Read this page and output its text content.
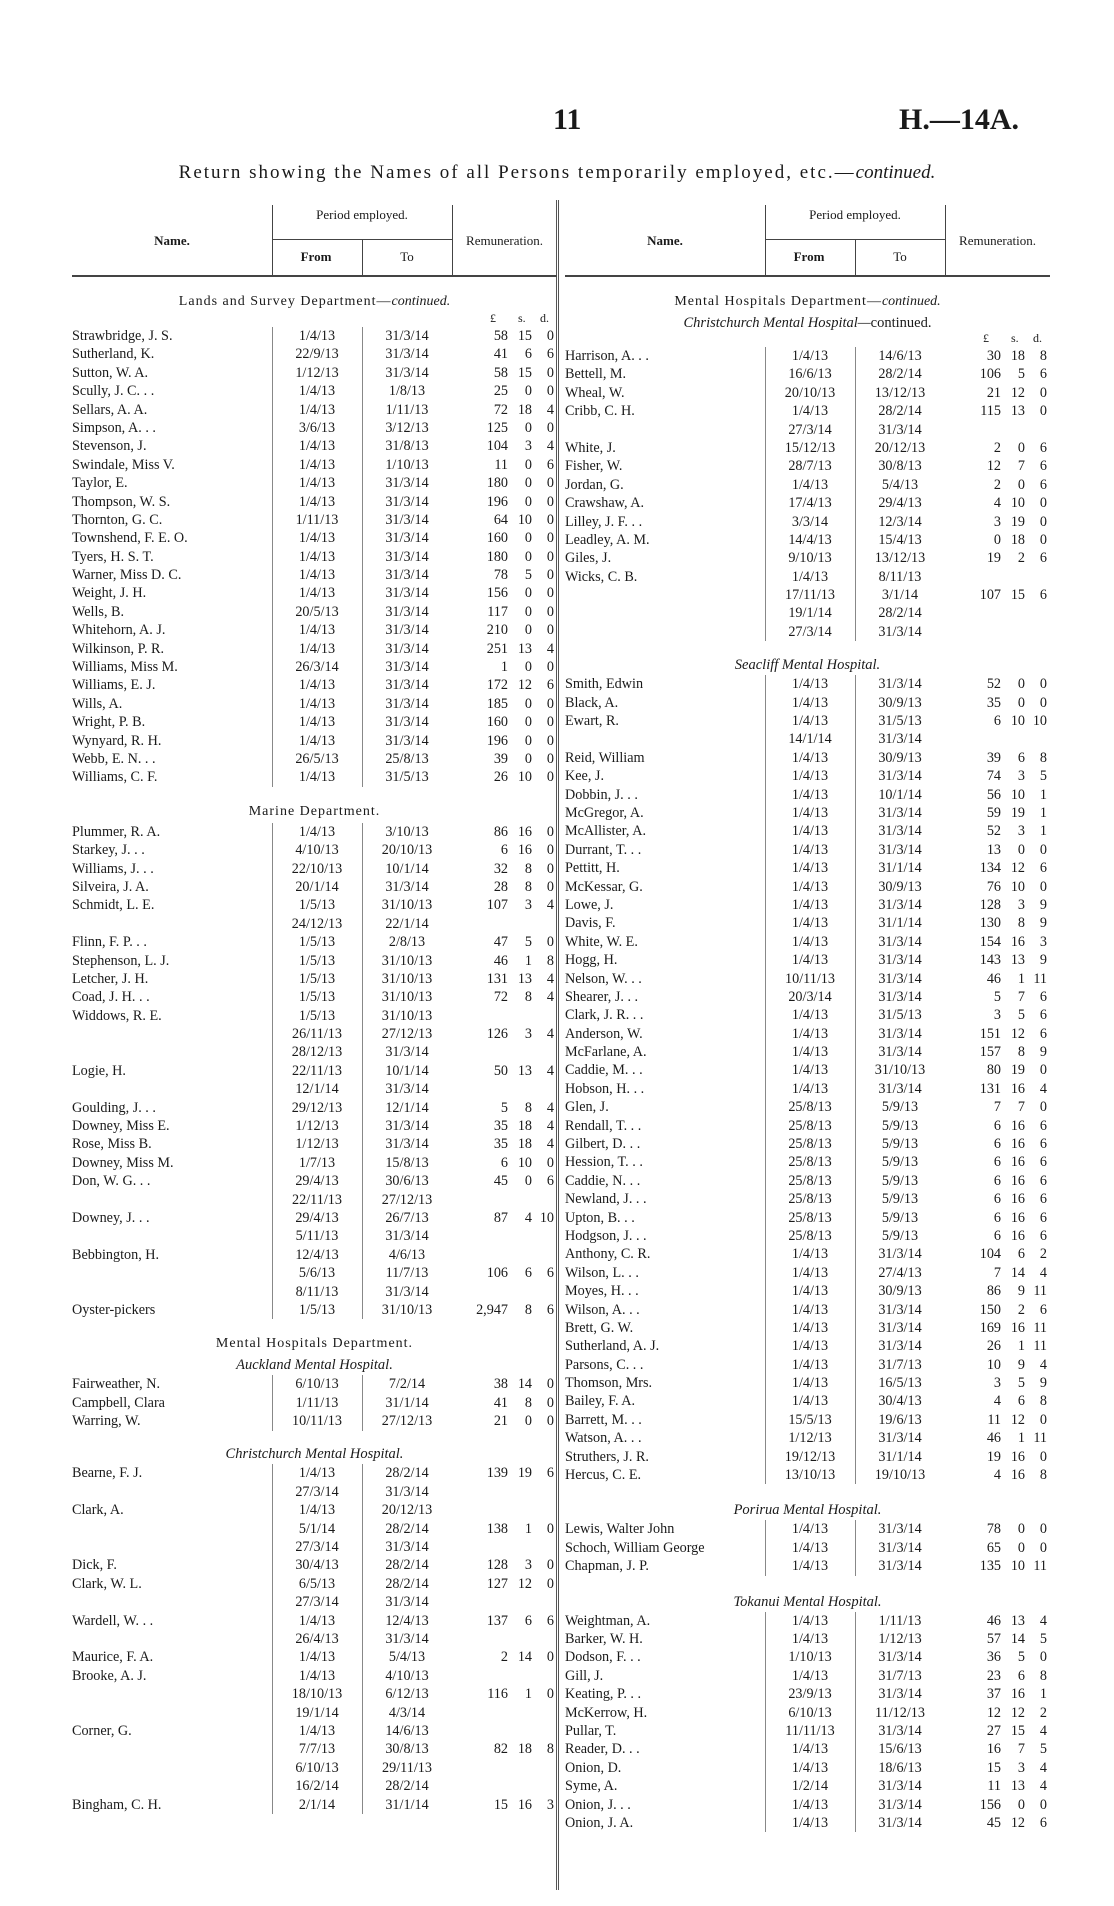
11	H.—14A.
Return showing the Names of all Persons temporarily employed, etc.—continued.
Name.
Period employed.
From	To
Remuneration.
Lands and Survey Department—continued.
£ s. d.
Strawbridge, J. S.	1/4/13	31/3/14	58 15	0
Sutherland, K.	22/9/13	31/3/14	41	6	6
Sutton, W. A.	1/12/13	31/3/14	58 15	0
Scully, J. C. . .	1/4/13	1/8/13	25	0	0
Sellars, A. A.	1/4/13	1/11/13	72 18	4
Simpson, A. . .	3/6/13	3/12/13	125	0	0
Stevenson, J.	1/4/13	31/8/13	104	3	4
Swindale, Miss V.	1/4/13	1/10/13	11	0	6
Taylor, E.	1/4/13	31/3/14	180	0	0
Thompson, W. S.	1/4/13	31/3/14	196	0	0
Thornton, G. C.	1/11/13	31/3/14	64 10	0
Townshend, F. E. O.	1/4/13	31/3/14	160	0	0
Tyers, H. S. T.	1/4/13	31/3/14	180	0	0
Warner, Miss D. C.	1/4/13	31/3/14	78	5	0
Weight, J. H.	1/4/13	31/3/14	156	0	0
Wells, B.	20/5/13	31/3/14	117	0	0
Whitehorn, A. J.	1/4/13	31/3/14	210	0	0
Wilkinson, P. R.	1/4/13	31/3/14	251 13	4
Williams, Miss M.	26/3/14	31/3/14	1	0	0
Williams, E. J.	1/4/13	31/3/14	172 12	6
Wills, A.	1/4/13	31/3/14	185	0	0
Wright, P. B.	1/4/13	31/3/14	160	0	0
Wynyard, R. H.	1/4/13	31/3/14	196	0	0
Webb, E. N. . .	26/5/13	25/8/13	39	0	0
Williams, C. F.	1/4/13	31/5/13	26 10	0
Marine Department.
Plummer, R. A.	1/4/13	3/10/13	86 16	0
Starkey, J. . .	4/10/13	20/10/13	6 16	0
Williams, J. . .	22/10/13	10/1/14	32	8	0
Silveira, J. A.	20/1/14	31/3/14	28	8	0
Schmidt, L. E.	1/5/13	31/10/13	107	3	4
24/12/13	22/1/14
Flinn, F. P. . .	1/5/13	2/8/13	47	5	0
Stephenson, L. J.	1/5/13	31/10/13	46	1	8
Letcher, J. H.	1/5/13	31/10/13	131 13	4
Coad, J. H. . .	1/5/13	31/10/13	72	8	4
Widdows, R. E.	1/5/13	31/10/13
26/11/13	27/12/13	126	3	4
28/12/13	31/3/14
Logie, H.	22/11/13	10/1/14	50 13	4
12/1/14	31/3/14
Goulding, J. . .	29/12/13	12/1/14	5	8	4
Downey, Miss E.	1/12/13	31/3/14	35 18	4
Rose, Miss B.	1/12/13	31/3/14	35 18	4
Downey, Miss M.	1/7/13	15/8/13	6 10	0
Don, W. G. . .	29/4/13	30/6/13	45	0	6
22/11/13	27/12/13
Downey, J. . .	29/4/13	26/7/13	87	4 10
5/11/13	31/3/14
Bebbington, H.	12/4/13	4/6/13
5/6/13	11/7/13	106	6	6
8/11/13	31/3/14
Oyster-pickers	1/5/13	31/10/13	2,947	8	6
Mental Hospitals Department.
Auckland Mental Hospital.
Fairweather, N.	6/10/13	7/2/14	38 14	0
Campbell, Clara	1/11/13	31/1/14	41	8	0
Warring, W.	10/11/13	27/12/13	21	0	0
Christchurch Mental Hospital.
Bearne, F. J.	1/4/13	28/2/14	139 19	6
27/3/14	31/3/14
Clark, A.	1/4/13	20/12/13
5/1/14	28/2/14	138	1	0
27/3/14	31/3/14
Dick, F.	30/4/13	28/2/14	128	3	0
Clark, W. L.	6/5/13	28/2/14	127 12	0
27/3/14	31/3/14
Wardell, W. . .	1/4/13	12/4/13	137	6	6
26/4/13	31/3/14
Maurice, F. A.	1/4/13	5/4/13	2 14	0
Brooke, A. J.	1/4/13	4/10/13
18/10/13	6/12/13	116	1	0
19/1/14	4/3/14
Corner, G.	1/4/13	14/6/13
7/7/13	30/8/13	82 18	8
6/10/13	29/11/13
16/2/14	28/2/14
Bingham, C. H.	2/1/14	31/1/14	15 16	3
Name.
Period employed.
From	To
Remuneration.
Mental Hospitals Department—continued.
Christchurch Mental Hospital—continued.
£ s. d.
Harrison, A. . .	1/4/13	14/6/13	30 18	8
Bettell, M.	16/6/13	28/2/14	106	5	6
Wheal, W.	20/10/13	13/12/13	21 12	0
Cribb, C. H.	1/4/13	28/2/14	115 13	0
27/3/14	31/3/14
White, J.	15/12/13	20/12/13	2	0	6
Fisher, W.	28/7/13	30/8/13	12	7	6
Jordan, G.	1/4/13	5/4/13	2	0	6
Crawshaw, A.	17/4/13	29/4/13	4 10	0
Lilley, J. F. . .	3/3/14	12/3/14	3 19	0
Leadley, A. M.	14/4/13	15/4/13	0 18	0
Giles, J.	9/10/13	13/12/13	19	2	6
Wicks, C. B.	1/4/13	8/11/13
17/11/13	3/1/14	107 15	6
19/1/14	28/2/14
27/3/14	31/3/14
Seacliff Mental Hospital.
Smith, Edwin	1/4/13	31/3/14	52	0	0
Black, A.	1/4/13	30/9/13	35	0	0
Ewart, R.	1/4/13	31/5/13	6 10 10
14/1/14	31/3/14
Reid, William	1/4/13	30/9/13	39	6	8
Kee, J.	1/4/13	31/3/14	74	3	5
Dobbin, J. . .	1/4/13	10/1/14	56 10	1
McGregor, A.	1/4/13	31/3/14	59 19	1
McAllister, A.	1/4/13	31/3/14	52	3	1
Durrant, T. . .	1/4/13	31/3/14	13	0	0
Pettitt, H.	1/4/13	31/1/14	134 12	6
McKessar, G.	1/4/13	30/9/13	76 10	0
Lowe, J.	1/4/13	31/3/14	128	3	9
Davis, F.	1/4/13	31/1/14	130	8	9
White, W. E.	1/4/13	31/3/14	154 16	3
Hogg, H.	1/4/13	31/3/14	143 13	9
Nelson, W. . .	10/11/13	31/3/14	46	1 11
Shearer, J. . .	20/3/14	31/3/14	5	7	6
Clark, J. R. . .	1/4/13	31/5/13	3	5	6
Anderson, W.	1/4/13	31/3/14	151 12	6
McFarlane, A.	1/4/13	31/3/14	157	8	9
Caddie, M. . .	1/4/13	31/10/13	80 19	0
Hobson, H. . .	1/4/13	31/3/14	131 16	4
Glen, J.	25/8/13	5/9/13	7	7	0
Rendall, T. . .	25/8/13	5/9/13	6 16	6
Gilbert, D. . .	25/8/13	5/9/13	6 16	6
Hession, T. . .	25/8/13	5/9/13	6 16	6
Caddie, N. . .	25/8/13	5/9/13	6 16	6
Newland, J. . .	25/8/13	5/9/13	6 16	6
Upton, B. . .	25/8/13	5/9/13	6 16	6
Hodgson, J. . .	25/8/13	5/9/13	6 16	6
Anthony, C. R.	1/4/13	31/3/14	104	6	2
Wilson, L. . .	1/4/13	27/4/13	7 14	4
Moyes, H. . .	1/4/13	30/9/13	86	9 11
Wilson, A. . .	1/4/13	31/3/14	150	2	6
Brett, G. W.	1/4/13	31/3/14	169 16 11
Sutherland, A. J.	1/4/13	31/3/14	26	1 11
Parsons, C. . .	1/4/13	31/7/13	10	9	4
Thomson, Mrs.	1/4/13	16/5/13	3	5	9
Bailey, F. A.	1/4/13	30/4/13	4	6	8
Barrett, M. . .	15/5/13	19/6/13	11 12	0
Watson, A. . .	1/12/13	31/3/14	46	1 11
Struthers, J. R.	19/12/13	31/1/14	19 16	0
Hercus, C. E.	13/10/13	19/10/13	4 16	8
Porirua Mental Hospital.
Lewis, Walter John	1/4/13	31/3/14	78	0	0
Schoch, William George	1/4/13	31/3/14	65	0	0
Chapman, J. P.	1/4/13	31/3/14	135 10 11
Tokanui Mental Hospital.
Weightman, A.	1/4/13	1/11/13	46 13	4
Barker, W. H.	1/4/13	1/12/13	57 14	5
Dodson, F. . .	1/10/13	31/3/14	36	5	0
Gill, J.	1/4/13	31/7/13	23	6	8
Keating, P. . .	23/9/13	31/3/14	37 16	1
McKerrow, H.	6/10/13	11/12/13	12 12	2
Pullar, T.	11/11/13	31/3/14	27 15	4
Reader, D. . .	1/4/13	15/6/13	16	7	5
Onion, D.	1/4/13	18/6/13	15	3	4
Syme, A.	1/2/14	31/3/14	11 13	4
Onion, J. . .	1/4/13	31/3/14	156	0	0
Onion, J. A.	1/4/13	31/3/14	45 12	6
